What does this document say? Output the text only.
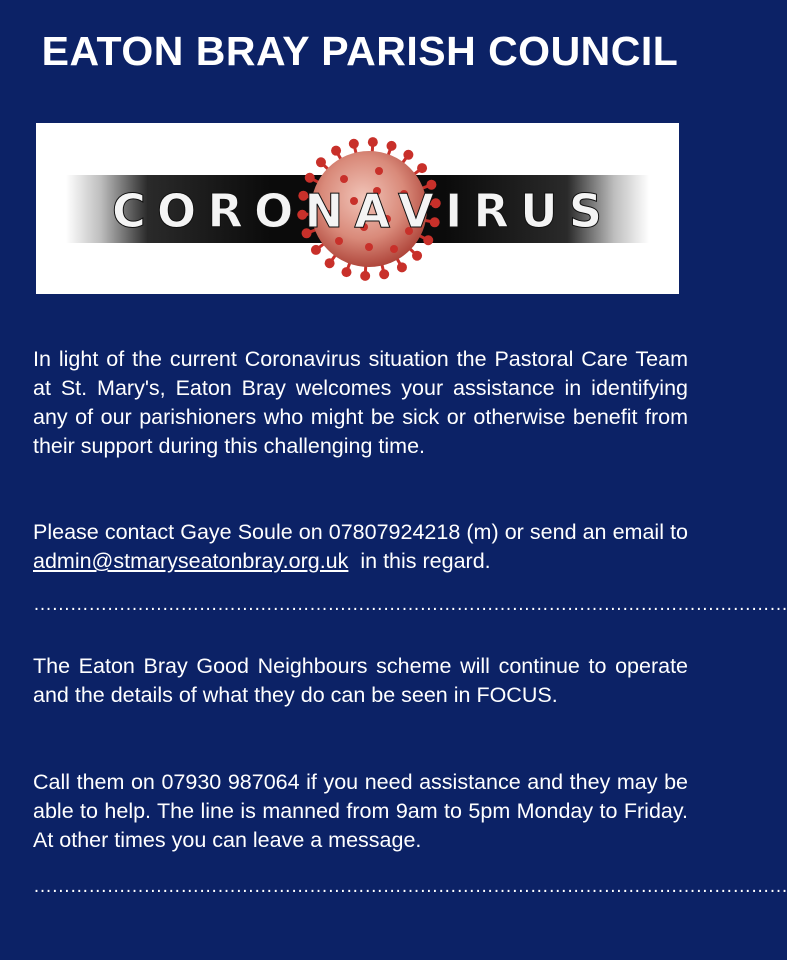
EATON BRAY PARISH COUNCIL
CORONAVIRUS
In light of the current Coronavirus situation the Pastoral Care Team at St. Mary's, Eaton Bray welcomes your assistance in identifying any of our parishioners who might be sick or otherwise benefit from their support during this challenging time.
Please contact Gaye Soule on 07807924218 (m) or send an email to admin@stmaryseatonbray.org.uk in this regard.
……………………………………………………………………………………………………………
The Eaton Bray Good Neighbours scheme will continue to operate and the details of what they do can be seen in FOCUS.
Call them on 07930 987064 if you need assistance and they may be able to help. The line is manned from 9am to 5pm Monday to Friday. At other times you can leave a message.
……………………………………………………………………………………………………………
